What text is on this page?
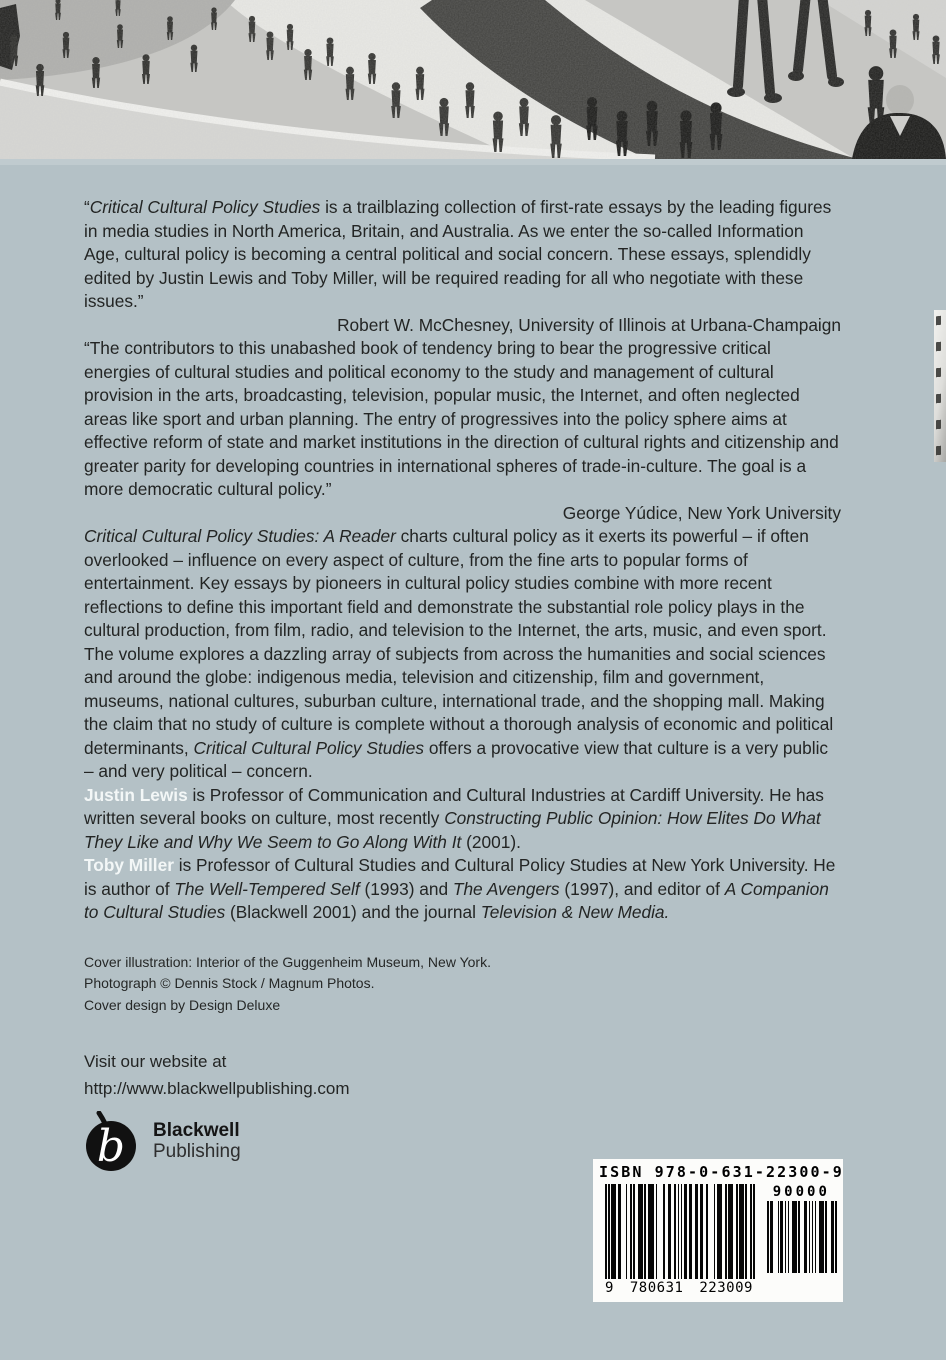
“Critical Cultural Policy Studies is a trailblazing collection of first-rate essays by the leading figures in media studies in North America, Britain, and Australia. As we enter the so-called Information Age, cultural policy is becoming a central political and social concern. These essays, splendidly edited by Justin Lewis and Toby Miller, will be required reading for all who negotiate with these issues.”

Robert W. McChesney, University of Illinois at Urbana-Champaign

“The contributors to this unabashed book of tendency bring to bear the progressive critical energies of cultural studies and political economy to the study and management of cultural provision in the arts, broadcasting, television, popular music, the Internet, and often neglected areas like sport and urban planning. The entry of progressives into the policy sphere aims at effective reform of state and market institutions in the direction of cultural rights and citizenship and greater parity for developing countries in international spheres of trade-in-culture. The goal is a more democratic cultural policy.”

George Yúdice, New York University

Critical Cultural Policy Studies: A Reader charts cultural policy as it exerts its powerful – if often overlooked – influence on every aspect of culture, from the fine arts to popular forms of entertainment. Key essays by pioneers in cultural policy studies combine with more recent reflections to define this important field and demonstrate the substantial role policy plays in the cultural production, from film, radio, and television to the Internet, the arts, music, and even sport.

The volume explores a dazzling array of subjects from across the humanities and social sciences and around the globe: indigenous media, television and citizenship, film and government, museums, national cultures, suburban culture, international trade, and the shopping mall. Making the claim that no study of culture is complete without a thorough analysis of economic and political determinants, Critical Cultural Policy Studies offers a provocative view that culture is a very public – and very political – concern.

Justin Lewis is Professor of Communication and Cultural Industries at Cardiff University. He has written several books on culture, most recently Constructing Public Opinion: How Elites Do What They Like and Why We Seem to Go Along With It (2001).

Toby Miller is Professor of Cultural Studies and Cultural Policy Studies at New York University. He is author of The Well-Tempered Self (1993) and The Avengers (1997), and editor of A Companion to Cultural Studies (Blackwell 2001) and the journal Television & New Media.

Cover illustration: Interior of the Guggenheim Museum, New York.

Photograph © Dennis Stock / Magnum Photos.

Cover design by Design Deluxe

Visit our website at

http://www.blackwellpublishing.com

b Blackwell
Publishing
ISBN 978-0-631-22300-9
9 780631 223009
90000
